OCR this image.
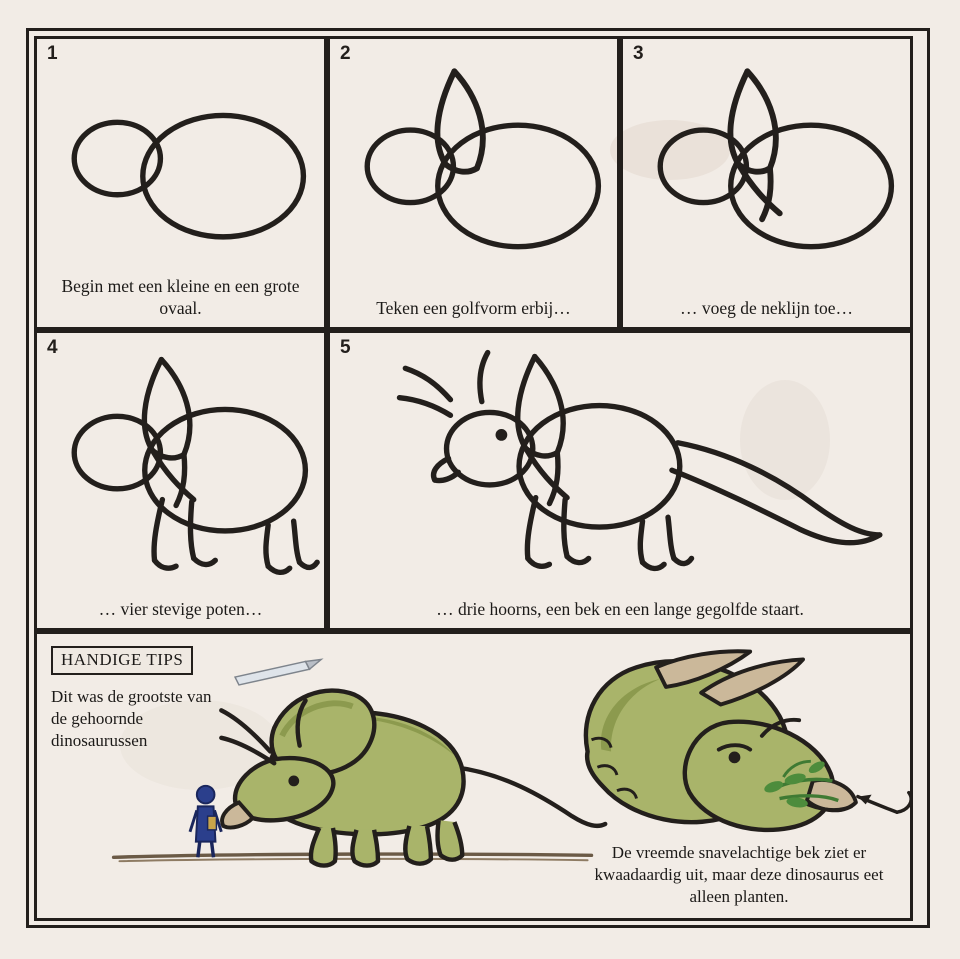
1
Begin met een kleine en een grote ovaal.
2
Teken een golfvorm erbij…
3
… voeg de neklijn toe…
4
… vier stevige poten…
5
… drie hoorns, een bek en een lange gegolfde staart.
HANDIGE TIPS
Dit was de grootste van de gehoornde dinosaurussen
De vreemde snavelachtige bek ziet er kwaadaardig uit, maar deze dinosaurus eet alleen planten.
